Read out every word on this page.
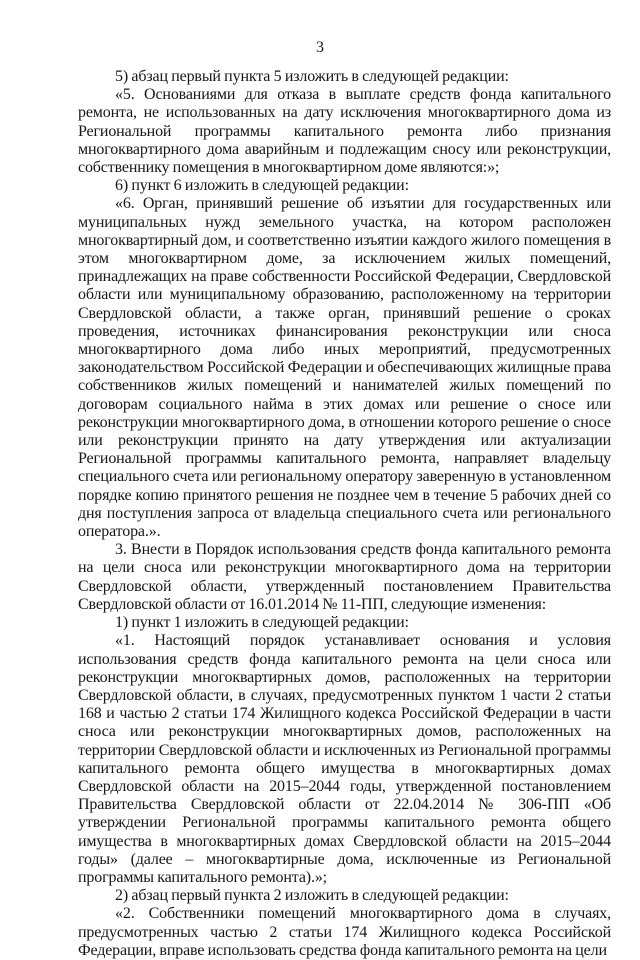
3

5) абзац первый пункта 5 изложить в следующей редакции:

«5. Основаниями для отказа в выплате средств фонда капитального ремонта, не использованных на дату исключения многоквартирного дома из Региональной программы капитального ремонта либо признания многоквартирного дома аварийным и подлежащим сносу или реконструкции, собственнику помещения в многоквартирном доме являются:»;

6) пункт 6 изложить в следующей редакции:

«6. Орган, принявший решение об изъятии для государственных или муниципальных нужд земельного участка, на котором расположен многоквартирный дом, и соответственно изъятии каждого жилого помещения в этом многоквартирном доме, за исключением жилых помещений, принадлежащих на праве собственности Российской Федерации, Свердловской области или муниципальному образованию, расположенному на территории Свердловской области, а также орган, принявший решение о сроках проведения, источниках финансирования реконструкции или сноса многоквартирного дома либо иных мероприятий, предусмотренных законодательством Российской Федерации и обеспечивающих жилищные права собственников жилых помещений и нанимателей жилых помещений по договорам социального найма в этих домах или решение о сносе или реконструкции многоквартирного дома, в отношении которого решение о сносе или реконструкции принято на дату утверждения или актуализации Региональной программы капитального ремонта, направляет владельцу специального счета или региональному оператору заверенную в установленном порядке копию принятого решения не позднее чем в течение 5 рабочих дней со дня поступления запроса от владельца специального счета или регионального оператора.».

3. Внести в Порядок использования средств фонда капитального ремонта на цели сноса или реконструкции многоквартирного дома на территории Свердловской области, утвержденный постановлением Правительства Свердловской области от 16.01.2014 № 11-ПП, следующие изменения:

1) пункт 1 изложить в следующей редакции:

«1. Настоящий порядок устанавливает основания и условия использования средств фонда капитального ремонта на цели сноса или реконструкции многоквартирных домов, расположенных на территории Свердловской области, в случаях, предусмотренных пунктом 1 части 2 статьи 168 и частью 2 статьи 174 Жилищного кодекса Российской Федерации в части сноса или реконструкции многоквартирных домов, расположенных на территории Свердловской области и исключенных из Региональной программы капитального ремонта общего имущества в многоквартирных домах Свердловской области на 2015–2044 годы, утвержденной постановлением Правительства Свердловской области от 22.04.2014 № 306-ПП «Об утверждении Региональной программы капитального ремонта общего имущества в многоквартирных домах Свердловской области на 2015–2044 годы» (далее – многоквартирные дома, исключенные из Региональной программы капитального ремонта).»;

2) абзац первый пункта 2 изложить в следующей редакции:

«2. Собственники помещений многоквартирного дома в случаях, предусмотренных частью 2 статьи 174 Жилищного кодекса Российской Федерации, вправе использовать средства фонда капитального ремонта на цели
